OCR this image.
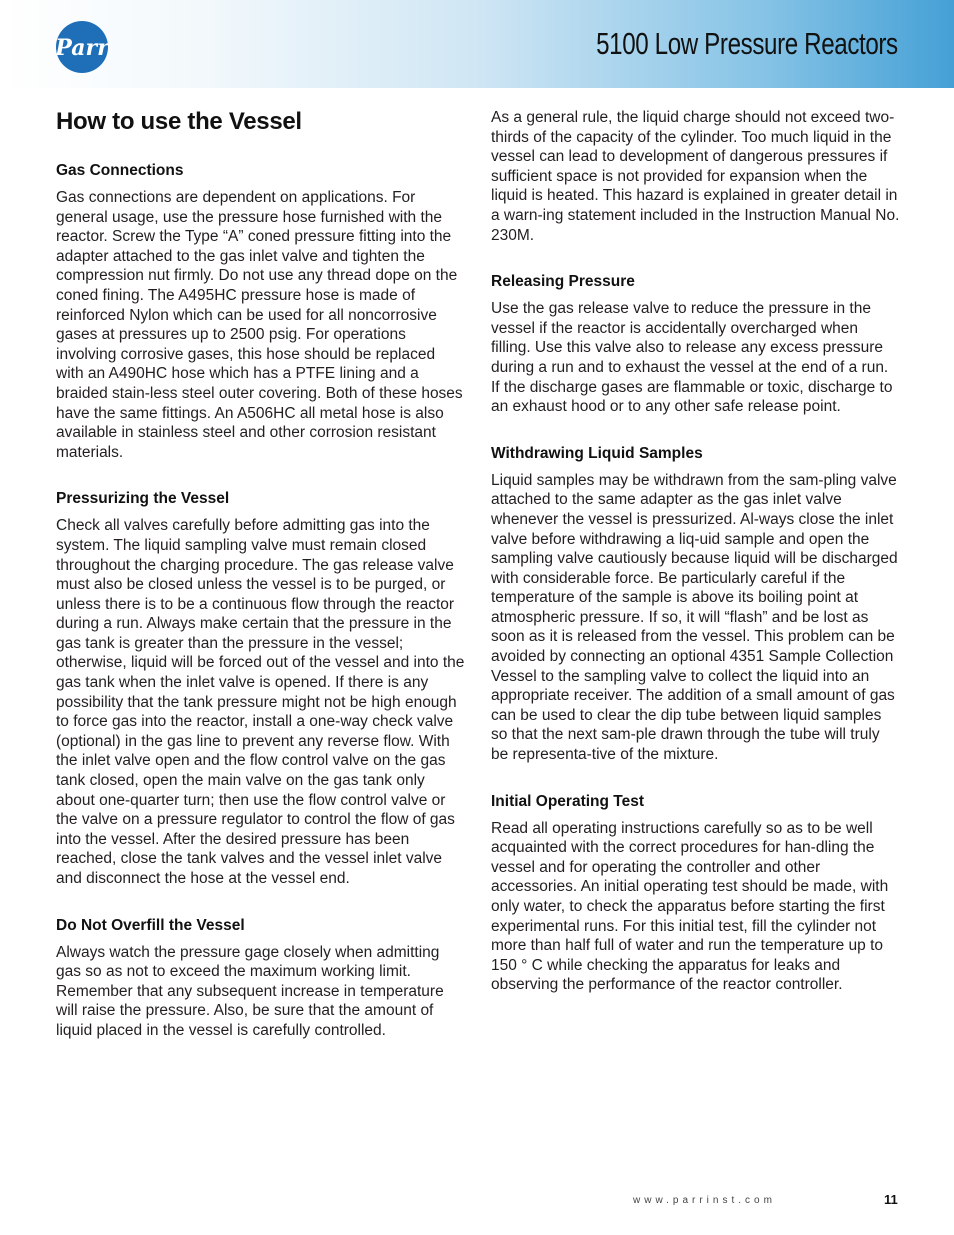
Parr	5100 Low Pressure Reactors
How to use the Vessel
Gas Connections

Gas connections are dependent on applications. For general usage, use the pressure hose furnished with the reactor. Screw the Type “A” coned pressure fitting into the adapter attached to the gas inlet valve and tighten the compression nut firmly. Do not use any thread dope on the coned fining. The A495HC pressure hose is made of reinforced Nylon which can be used for all noncorrosive gases at pressures up to 2500 psig. For operations involving corrosive gases, this hose should be replaced with an A490HC hose which has a PTFE lining and a braided stain-less steel outer covering. Both of these hoses have the same fittings. An A506HC all metal hose is also available in stainless steel and other corrosion resistant materials.

Pressurizing the Vessel

Check all valves carefully before admitting gas into the system. The liquid sampling valve must remain closed throughout the charging procedure. The gas release valve must also be closed unless the vessel is to be purged, or unless there is to be a continuous flow through the reactor during a run. Always make certain that the pressure in the gas tank is greater than the pressure in the vessel; otherwise, liquid will be forced out of the vessel and into the gas tank when the inlet valve is opened. If there is any possibility that the tank pressure might not be high enough to force gas into the reactor, install a one-way check valve (optional) in the gas line to prevent any reverse flow. With the inlet valve open and the flow control valve on the gas tank closed, open the main valve on the gas tank only about one-quarter turn; then use the flow control valve or the valve on a pressure regulator to control the flow of gas into the vessel. After the desired pressure has been reached, close the tank valves and the vessel inlet valve and disconnect the hose at the vessel end.

Do Not Overfill the Vessel

Always watch the pressure gage closely when admitting gas so as not to exceed the maximum working limit. Remember that any subsequent increase in temperature will raise the pressure. Also, be sure that the amount of liquid placed in the vessel is carefully controlled.

As a general rule, the liquid charge should not exceed two-thirds of the capacity of the cylinder. Too much liquid in the vessel can lead to development of dangerous pressures if sufficient space is not provided for expansion when the liquid is heated. This hazard is explained in greater detail in a warn-ing statement included in the Instruction Manual No. 230M.

Releasing Pressure

Use the gas release valve to reduce the pressure in the vessel if the reactor is accidentally overcharged when filling. Use this valve also to release any excess pressure during a run and to exhaust the vessel at the end of a run. If the discharge gases are flammable or toxic, discharge to an exhaust hood or to any other safe release point.

Withdrawing Liquid Samples

Liquid samples may be withdrawn from the sam-pling valve attached to the same adapter as the gas inlet valve whenever the vessel is pressurized. Al-ways close the inlet valve before withdrawing a liq-uid sample and open the sampling valve cautiously because liquid will be discharged with considerable force. Be particularly careful if the temperature of the sample is above its boiling point at atmospheric pressure. If so, it will “flash” and be lost as soon as it is released from the vessel. This problem can be avoided by connecting an optional 4351 Sample Collection Vessel to the sampling valve to collect the liquid into an appropriate receiver. The addition of a small amount of gas can be used to clear the dip tube between liquid samples so that the next sam-ple drawn through the tube will truly be representa-tive of the mixture.

Initial Operating Test

Read all operating instructions carefully so as to be well acquainted with the correct procedures for han-dling the vessel and for operating the controller and other accessories. An initial operating test should be made, with only water, to check the apparatus before starting the first experimental runs. For this initial test, fill the cylinder not more than half full of water and run the temperature up to 150 ° C while checking the apparatus for leaks and observing the performance of the reactor controller.

www.parrinst.com	11
